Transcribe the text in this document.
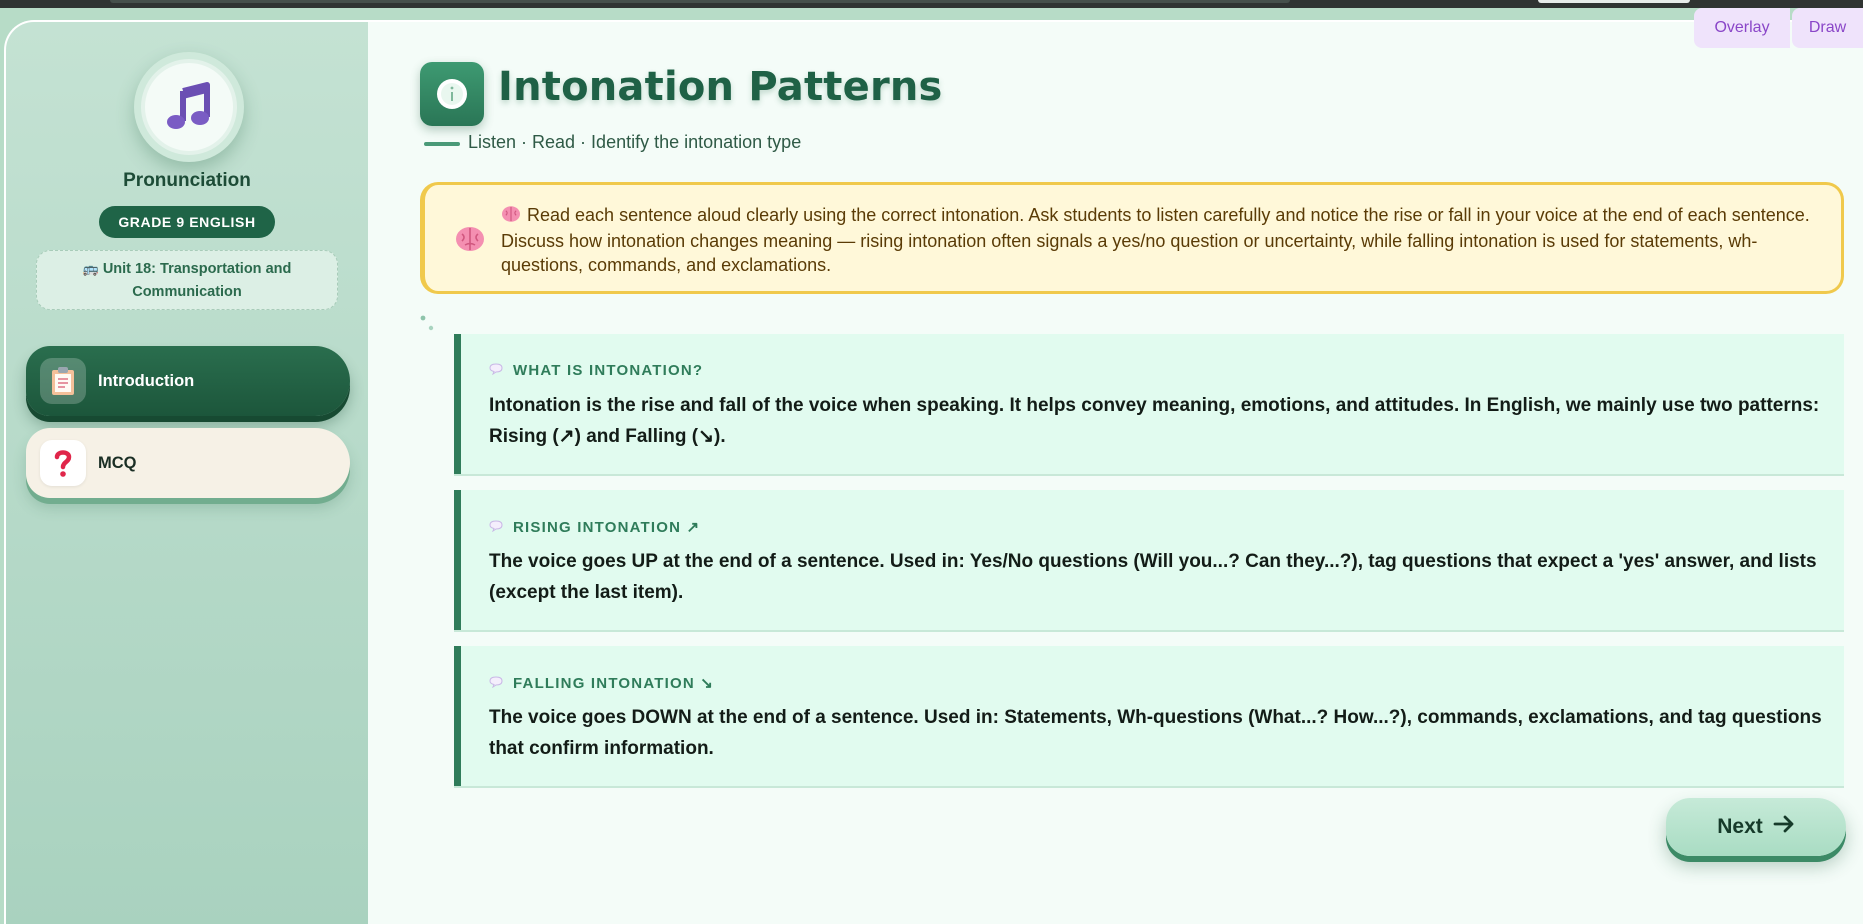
Pronunciation
GRADE 9 ENGLISH
🚌 Unit 18: Transportation and Communication
Introduction
MCQ
Intonation Patterns
Listen · Read · Identify the intonation type

Read each sentence aloud clearly using the correct intonation. Ask students to listen carefully and notice the rise or fall in your voice at the end of each sentence. Discuss how intonation changes meaning — rising intonation often signals a yes/no question or uncertainty, while falling intonation is used for statements, wh-questions, commands, and exclamations.

WHAT IS INTONATION?
Intonation is the rise and fall of the voice when speaking. It helps convey meaning, emotions, and attitudes. In English, we mainly use two patterns: Rising (↗) and Falling (↘).
RISING INTONATION ↗
The voice goes UP at the end of a sentence. Used in: Yes/No questions (Will you...? Can they...?), tag questions that expect a 'yes' answer, and lists (except the last item).
FALLING INTONATION ↘
The voice goes DOWN at the end of a sentence. Used in: Statements, Wh-questions (What...? How...?), commands, exclamations, and tag questions that confirm information.
Next
Overlay	Draw
